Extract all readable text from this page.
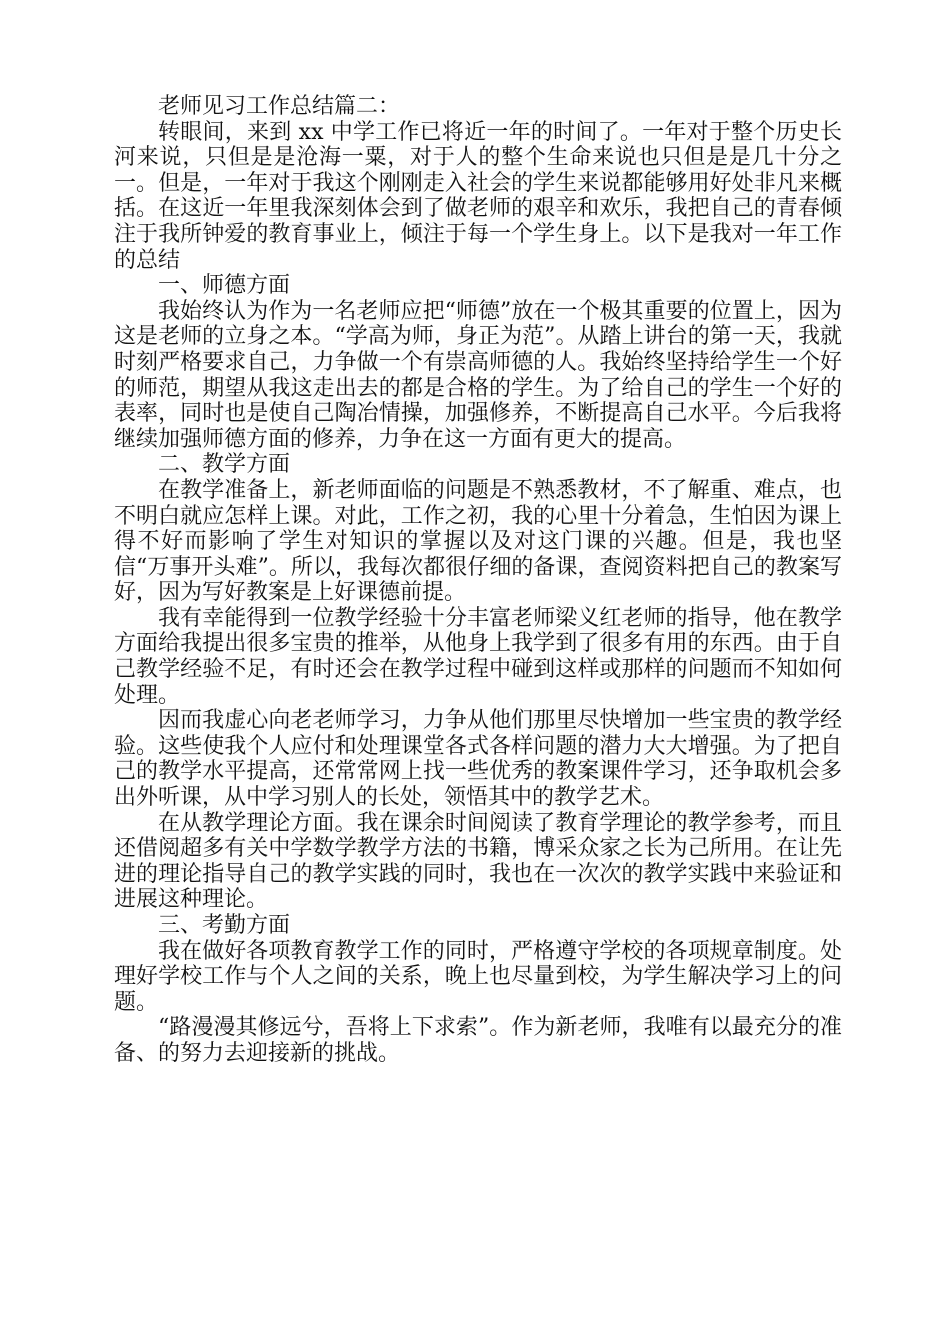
老师见习工作总结篇二：

转眼间，来到 xx 中学工作已将近一年的时间了。一年对于整个历史长河来说，只但是是沧海一粟，对于人的整个生命来说也只但是是几十分之一。但是，一年对于我这个刚刚走入社会的学生来说都能够用好处非凡来概括。在这近一年里我深刻体会到了做老师的艰辛和欢乐，我把自己的青春倾注于我所钟爱的教育事业上，倾注于每一个学生身上。以下是我对一年工作的总结

一、师德方面

我始终认为作为一名老师应把“师德”放在一个极其重要的位置上，因为这是老师的立身之本。“学高为师，身正为范”。从踏上讲台的第一天，我就时刻严格要求自己，力争做一个有崇高师德的人。我始终坚持给学生一个好的师范，期望从我这走出去的都是合格的学生。为了给自己的学生一个好的表率，同时也是使自己陶冶情操，加强修养，不断提高自己水平。今后我将继续加强师德方面的修养，力争在这一方面有更大的提高。

二、教学方面

在教学准备上，新老师面临的问题是不熟悉教材，不了解重、难点，也不明白就应怎样上课。对此，工作之初，我的心里十分着急，生怕因为课上得不好而影响了学生对知识的掌握以及对这门课的兴趣。但是，我也坚信“万事开头难”。所以，我每次都很仔细的备课，查阅资料把自己的教案写好，因为写好教案是上好课德前提。

我有幸能得到一位教学经验十分丰富老师梁义红老师的指导，他在教学方面给我提出很多宝贵的推举，从他身上我学到了很多有用的东西。由于自己教学经验不足，有时还会在教学过程中碰到这样或那样的问题而不知如何处理。

因而我虚心向老老师学习，力争从他们那里尽快增加一些宝贵的教学经验。这些使我个人应付和处理课堂各式各样问题的潜力大大增强。为了把自己的教学水平提高，还常常网上找一些优秀的教案课件学习，还争取机会多出外听课，从中学习别人的长处，领悟其中的教学艺术。

在从教学理论方面。我在课余时间阅读了教育学理论的教学参考，而且还借阅超多有关中学数学教学方法的书籍，博采众家之长为己所用。在让先进的理论指导自己的教学实践的同时，我也在一次次的教学实践中来验证和进展这种理论。

三、考勤方面

我在做好各项教育教学工作的同时，严格遵守学校的各项规章制度。处理好学校工作与个人之间的关系，晚上也尽量到校，为学生解决学习上的问题。

“路漫漫其修远兮，吾将上下求索”。作为新老师，我唯有以最充分的准备、的努力去迎接新的挑战。
